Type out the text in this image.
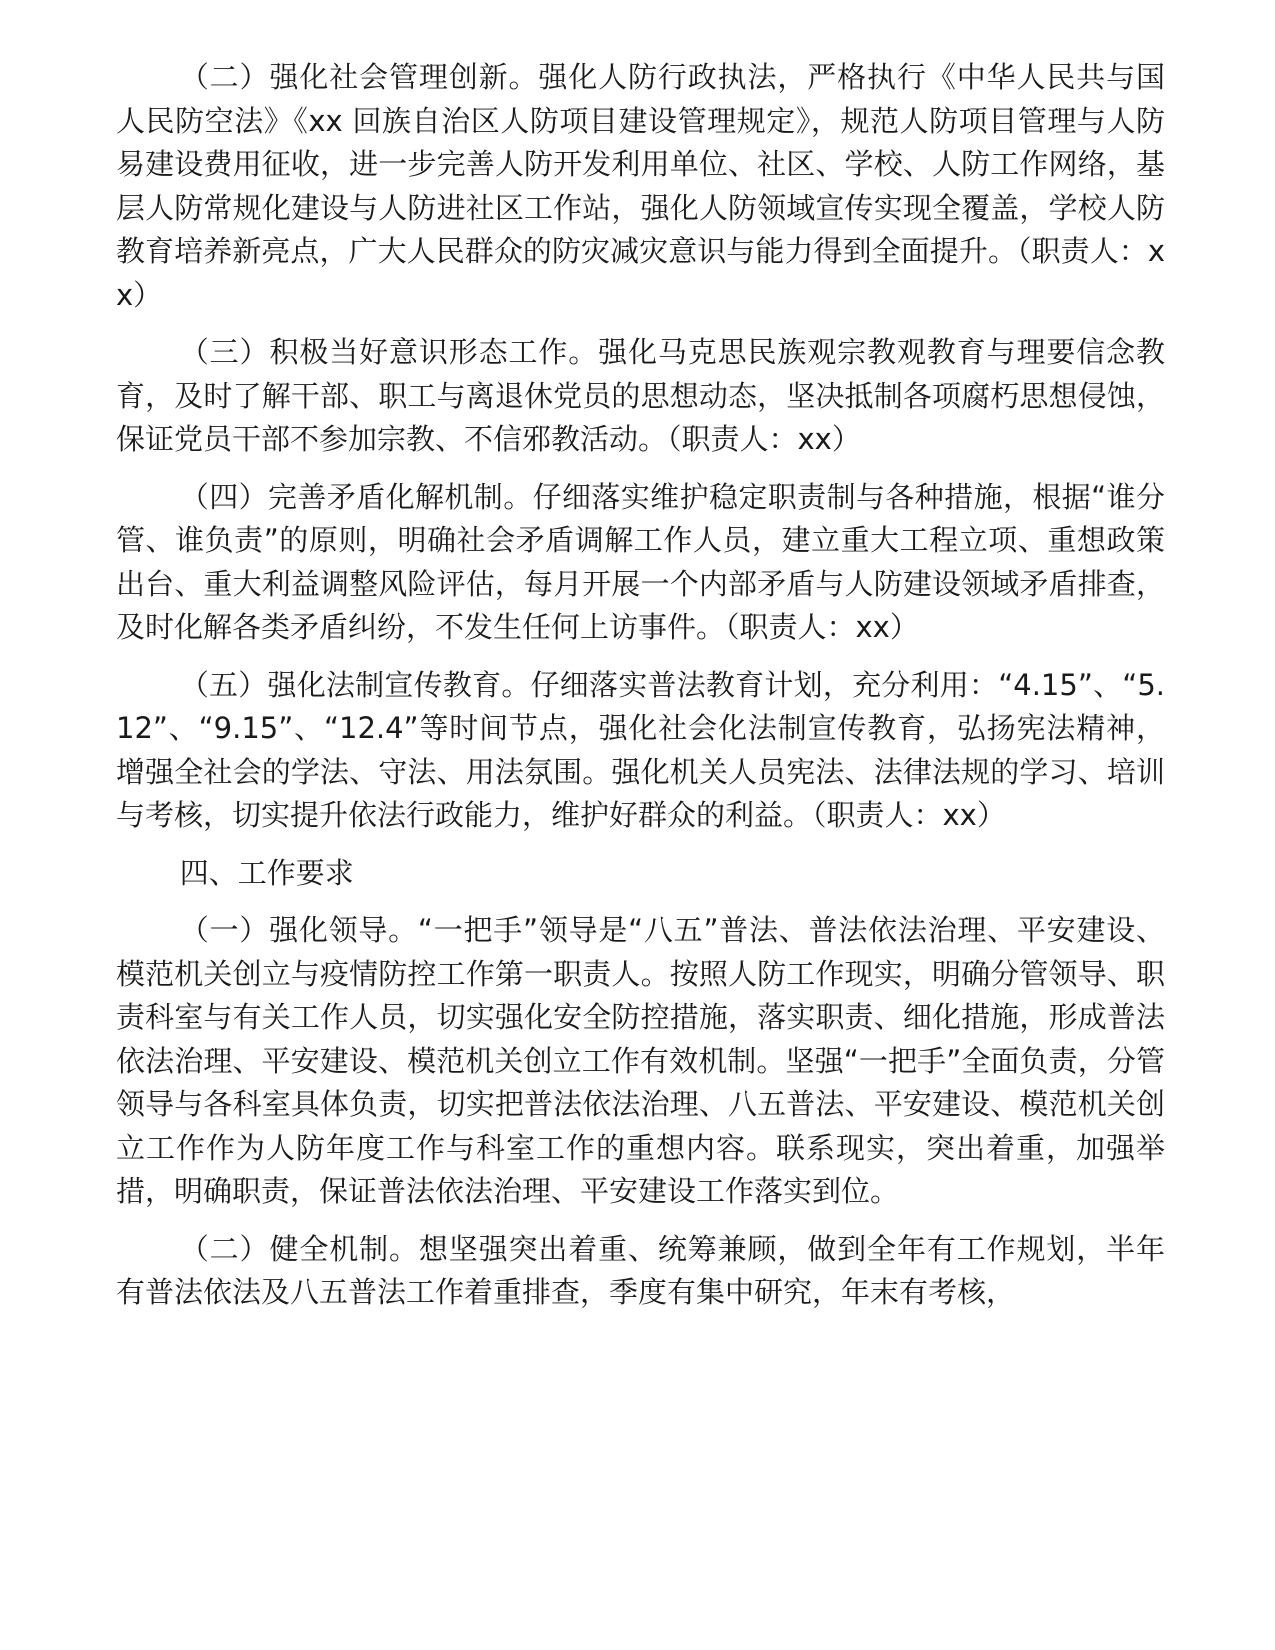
（二）强化社会管理创新。强化人防行政执法，严格执行《中华人民共与国人民防空法》《xx 回族自治区人防项目建设管理规定》，规范人防项目管理与人防易建设费用征收，进一步完善人防开发利用单位、社区、学校、人防工作网络，基层人防常规化建设与人防进社区工作站，强化人防领域宣传实现全覆盖，学校人防教育培养新亮点，广大人民群众的防灾减灾意识与能力得到全面提升。（职责人：xx）

（三）积极当好意识形态工作。强化马克思民族观宗教观教育与理要信念教育，及时了解干部、职工与离退休党员的思想动态，坚决抵制各项腐朽思想侵蚀，保证党员干部不参加宗教、不信邪教活动。（职责人：xx）

（四）完善矛盾化解机制。仔细落实维护稳定职责制与各种措施，根据“谁分管、谁负责”的原则，明确社会矛盾调解工作人员，建立重大工程立项、重想政策出台、重大利益调整风险评估，每月开展一个内部矛盾与人防建设领域矛盾排查，及时化解各类矛盾纠纷，不发生任何上访事件。（职责人：xx）

（五）强化法制宣传教育。仔细落实普法教育计划，充分利用：“4.15”、“5.12”、“9.15”、“12.4”等时间节点，强化社会化法制宣传教育，弘扬宪法精神，增强全社会的学法、守法、用法氛围。强化机关人员宪法、法律法规的学习、培训与考核，切实提升依法行政能力，维护好群众的利益。（职责人：xx）

四、工作要求

（一）强化领导。“一把手”领导是“八五”普法、普法依法治理、平安建设、模范机关创立与疫情防控工作第一职责人。按照人防工作现实，明确分管领导、职责科室与有关工作人员，切实强化安全防控措施，落实职责、细化措施，形成普法依法治理、平安建设、模范机关创立工作有效机制。坚强“一把手”全面负责，分管领导与各科室具体负责，切实把普法依法治理、八五普法、平安建设、模范机关创立工作作为人防年度工作与科室工作的重想内容。联系现实，突出着重，加强举措，明确职责，保证普法依法治理、平安建设工作落实到位。

（二）健全机制。想坚强突出着重、统筹兼顾，做到全年有工作规划，半年有普法依法及八五普法工作着重排查，季度有集中研究，年末有考核，
